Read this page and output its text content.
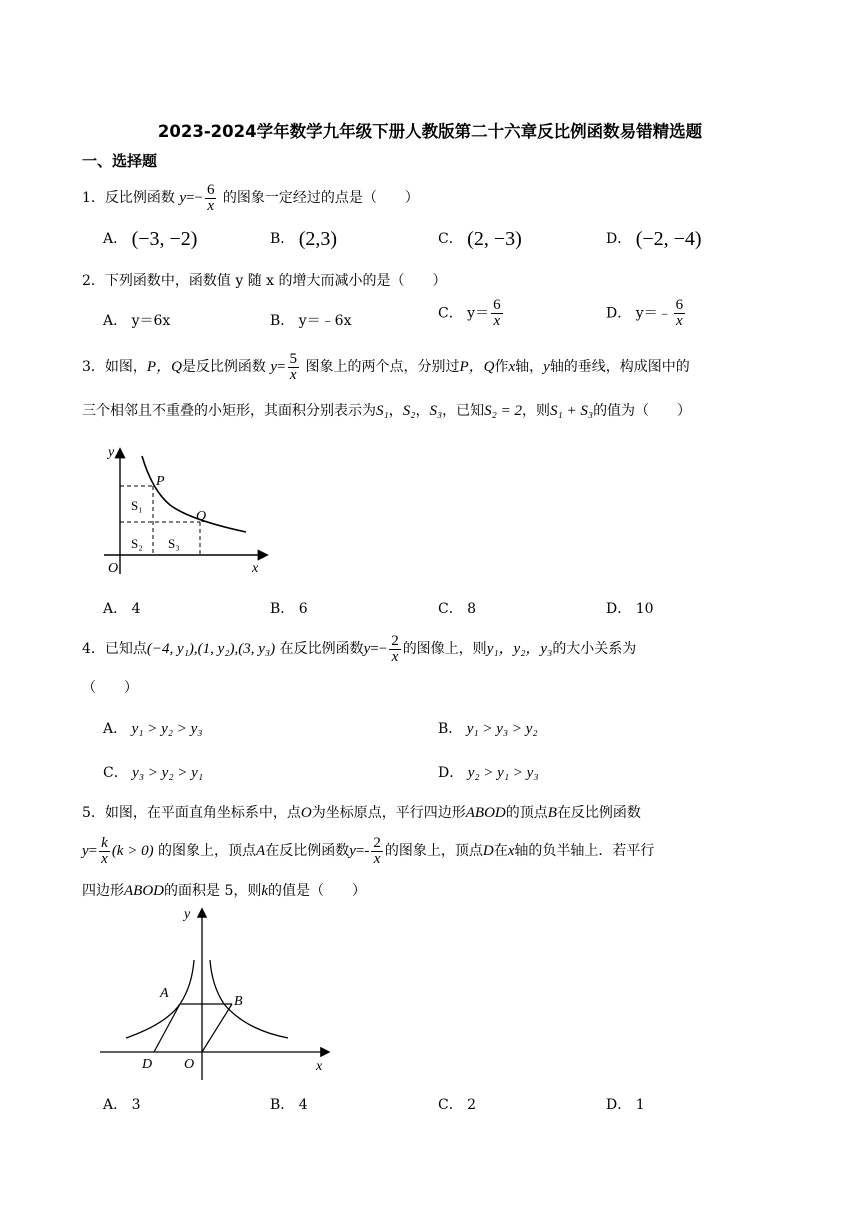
2023-2024学年数学九年级下册人教版第二十六章反比例函数易错精选题
一、选择题
1．反比例函数 $y=- \frac{6}{x}$ 的图象一定经过的点是（　　）
A． (−3, −2)	B． (2,3)	C． (2, −3)	D． (−2, −4)
2．下列函数中，函数值 y 随 x 的增大而减小的是（　　）
A． y＝6x	B． y＝﹣6x	C． $y= \frac{6}{x}$	D． y＝﹣ $\frac{6}{x}$
3．如图，P，Q是反比例函数 $y= \frac{5}{x}$ 图象上的两个点，分别过P，Q作x轴，y轴的垂线，构成图中的
三个相邻且不重叠的小矩形，其面积分别表示为S₁，S₂，S₃，已知S₂ = 2，则S₁ + S₃的值为（　　）
y
x
O
P
Q
S₁
S₂ S₃
A． 4	B． 6	C． 8	D． 10
4．已知点(−4, y₁),(1, y₂),(3, y₃) 在反比例函数$y=- \frac{2}{x}$ 的图像上，则y₁，y₂，y₃的大小关系为
（　　）
A． y₁ > y₂ > y₃	B． y₁ > y₃ > y₂
C． y₃ > y₂ > y₁	D． y₂ > y₁ > y₃
5．如图，在平面直角坐标系中，点O为坐标原点，平行四边形ABOD的顶点B在反比例函数
$y= \frac{k}{x} (k > 0)$ 的图象上，顶点A在反比例函数$y=- \frac{2}{x}$ 的图象上，顶点D在x轴的负半轴上．若平行
四边形ABOD的面积是 5，则k的值是（　　）
y
x
O
A
B
D
A． 3	B． 4	C． 2	D． 1
